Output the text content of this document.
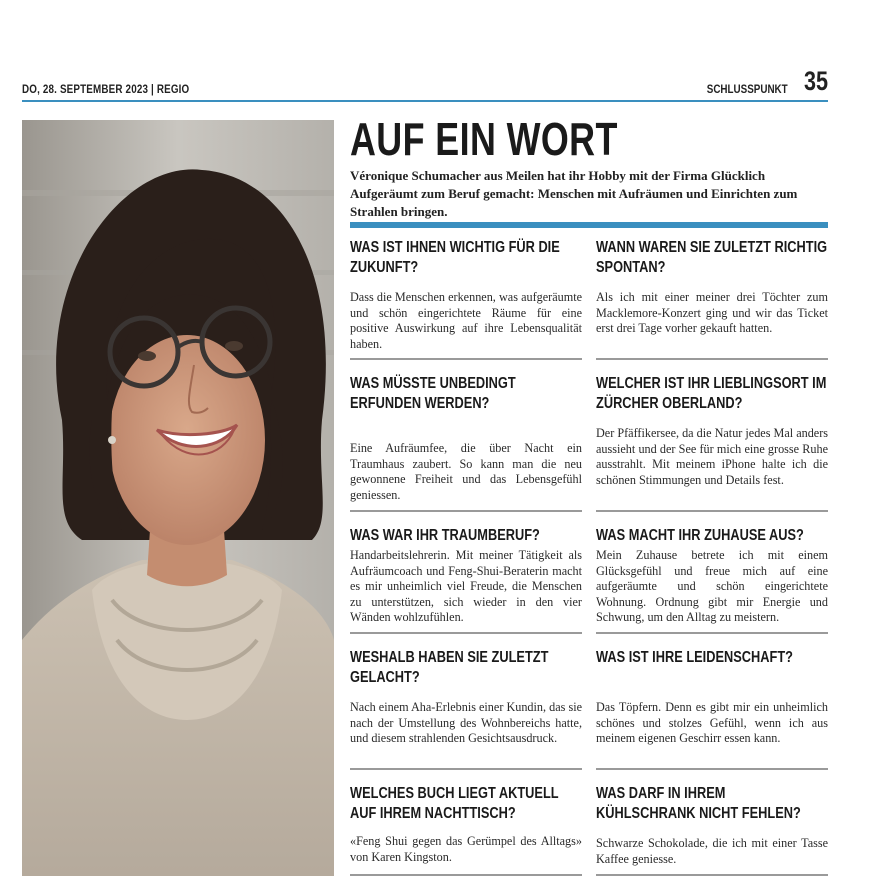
DO, 28. SEPTEMBER 2023 | REGIO	SCHLUSSPUNKT 35
AUF EIN WORT
Véronique Schumacher aus Meilen hat ihr Hobby mit der Firma Glücklich Aufgeräumt zum Beruf gemacht: Menschen mit Aufräumen und Einrichten zum Strahlen bringen.
WAS IST IHNEN WICHTIG FÜR DIE ZUKUNFT?
Dass die Menschen erkennen, was aufgeräumte und schön eingerichtete Räume für eine positive Auswirkung auf ihre Lebensqualität haben.
WAS MÜSSTE UNBEDINGT ERFUNDEN WERDEN?
Eine Aufräumfee, die über Nacht ein Traumhaus zaubert. So kann man die neu gewonnene Freiheit und das Lebensgefühl geniessen.
WAS WAR IHR TRAUMBERUF?
Handarbeitslehrerin. Mit meiner Tätigkeit als Aufräumcoach und Feng-Shui-Beraterin macht es mir unheimlich viel Freude, die Menschen zu unterstützen, sich wieder in den vier Wänden wohlzufühlen.
WESHALB HABEN SIE ZULETZT GELACHT?
Nach einem Aha-Erlebnis einer Kundin, das sie nach der Umstellung des Wohnbereichs hatte, und diesem strahlenden Gesichtsausdruck.
WELCHES BUCH LIEGT AKTUELL AUF IHREM NACHTTISCH?
«Feng Shui gegen das Gerümpel des Alltags» von Karen Kingston.
WANN WAREN SIE ZULETZT RICHTIG SPONTAN?
Als ich mit einer meiner drei Töchter zum Macklemore-Konzert ging und wir das Ticket erst drei Tage vorher gekauft hatten.
WELCHER IST IHR LIEBLINGSORT IM ZÜRCHER OBERLAND?
Der Pfäffikersee, da die Natur jedes Mal anders aussieht und der See für mich eine grosse Ruhe ausstrahlt. Mit meinem iPhone halte ich die schönen Stimmungen und Details fest.
WAS MACHT IHR ZUHAUSE AUS?
Mein Zuhause betrete ich mit einem Glücksgefühl und freue mich auf eine aufgeräumte und schön eingerichtete Wohnung. Ordnung gibt mir Energie und Schwung, um den Alltag zu meistern.
WAS IST IHRE LEIDENSCHAFT?
Das Töpfern. Denn es gibt mir ein unheimlich schönes und stolzes Gefühl, wenn ich aus meinem eigenen Geschirr essen kann.
WAS DARF IN IHREM KÜHLSCHRANK NICHT FEHLEN?
Schwarze Schokolade, die ich mit einer Tasse Kaffee geniesse.
